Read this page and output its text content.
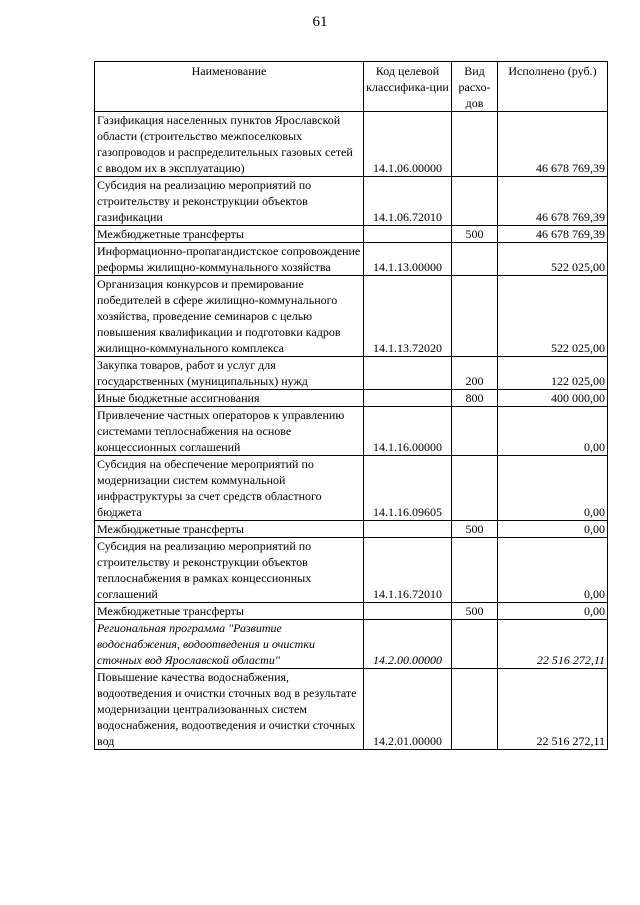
61
Наименование	Код целевой классифика-ции	Вид расхо-дов	Исполнено (руб.)
Газификация населенных пунктов Ярославской области (строительство межпоселковых газопроводов и распределительных газовых сетей с вводом их в эксплуатацию)	14.1.06.00000		46 678 769,39
Субсидия на реализацию мероприятий по строительству и реконструкции объектов газификации	14.1.06.72010		46 678 769,39
Межбюджетные трансферты		500	46 678 769,39
Информационно-пропагандистское сопровождение реформы жилищно-коммунального хозяйства	14.1.13.00000		522 025,00
Организация конкурсов и премирование победителей в сфере жилищно-коммунального хозяйства, проведение семинаров с целью повышения квалификации и подготовки кадров жилищно-коммунального комплекса	14.1.13.72020		522 025,00
Закупка товаров, работ и услуг для государственных (муниципальных) нужд		200	122 025,00
Иные бюджетные ассигнования		800	400 000,00
Привлечение частных операторов к управлению системами теплоснабжения на основе концессионных соглашений	14.1.16.00000		0,00
Субсидия на обеспечение мероприятий по модернизации систем коммунальной инфраструктуры за счет средств областного бюджета	14.1.16.09605		0,00
Межбюджетные трансферты		500	0,00
Субсидия на реализацию мероприятий по строительству и реконструкции объектов теплоснабжения в рамках концессионных соглашений	14.1.16.72010		0,00
Межбюджетные трансферты		500	0,00
Региональная программа "Развитие водоснабжения, водоотведения и очистки сточных вод Ярославской области"	14.2.00.00000		22 516 272,11
Повышение качества водоснабжения, водоотведения и очистки сточных вод в результате модернизации централизованных систем водоснабжения, водоотведения и очистки сточных вод	14.2.01.00000		22 516 272,11
